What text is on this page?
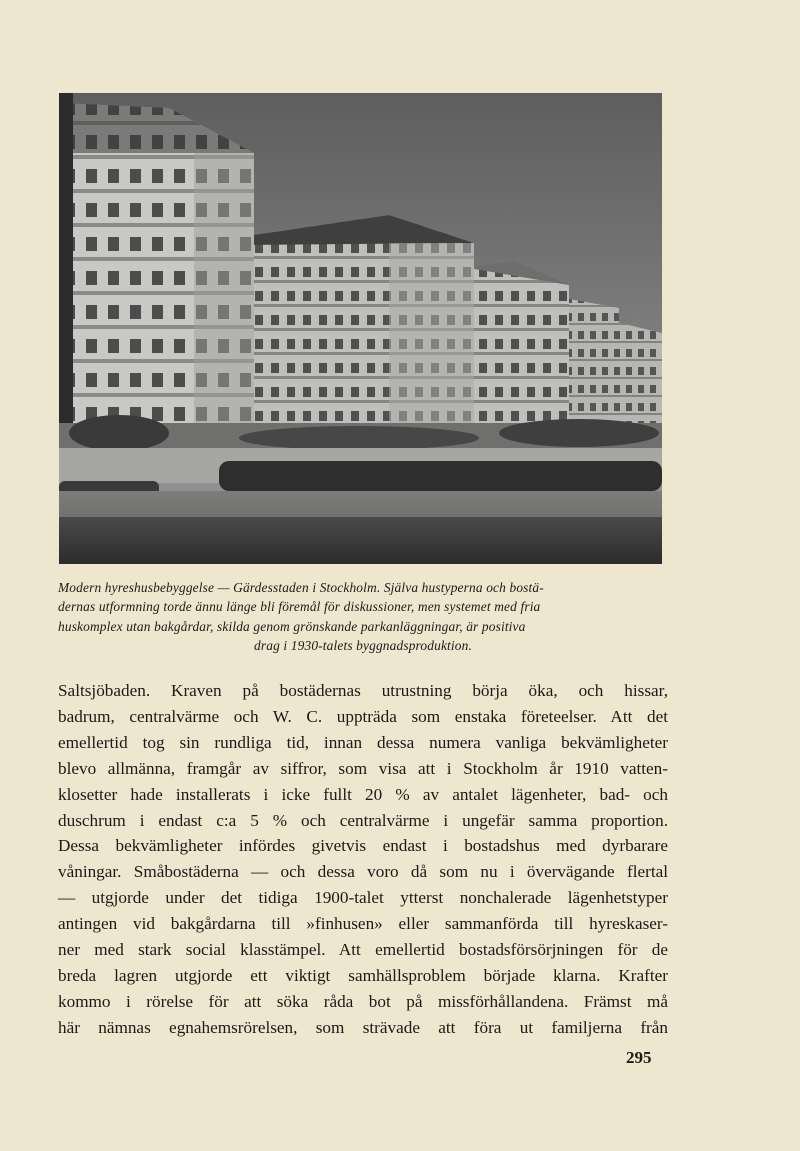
Modern hyreshusbebyggelse — Gärdesstaden i Stockholm. Själva hustyperna och bostä-
dernas utformning torde ännu länge bli föremål för diskussioner, men systemet med fria
huskomplex utan bakgårdar, skilda genom grönskande parkanläggningar, är positiva
drag i 1930-talets byggnadsproduktion.
Saltsjöbaden. Kraven på bostädernas utrustning börja öka, och hissar,
badrum, centralvärme och W. C. uppträda som enstaka företeelser. Att det
emellertid tog sin rundliga tid, innan dessa numera vanliga bekvämligheter
blevo allmänna, framgår av siffror, som visa att i Stockholm år 1910 vatten-
klosetter hade installerats i icke fullt 20 % av antalet lägenheter, bad- och
duschrum i endast c:a 5 % och centralvärme i ungefär samma proportion.
Dessa bekvämligheter infördes givetvis endast i bostadshus med dyrbarare
våningar. Småbostäderna — och dessa voro då som nu i övervägande flertal
— utgjorde under det tidiga 1900-talet ytterst nonchalerade lägenhetstyper
antingen vid bakgårdarna till »finhusen» eller sammanförda till hyreskaser-
ner med stark social klasstämpel. Att emellertid bostadsförsörjningen för de
breda lagren utgjorde ett viktigt samhällsproblem började klarna. Krafter
kommo i rörelse för att söka råda bot på missförhållandena. Främst må
här nämnas egnahemsrörelsen, som strävade att föra ut familjerna från
295
